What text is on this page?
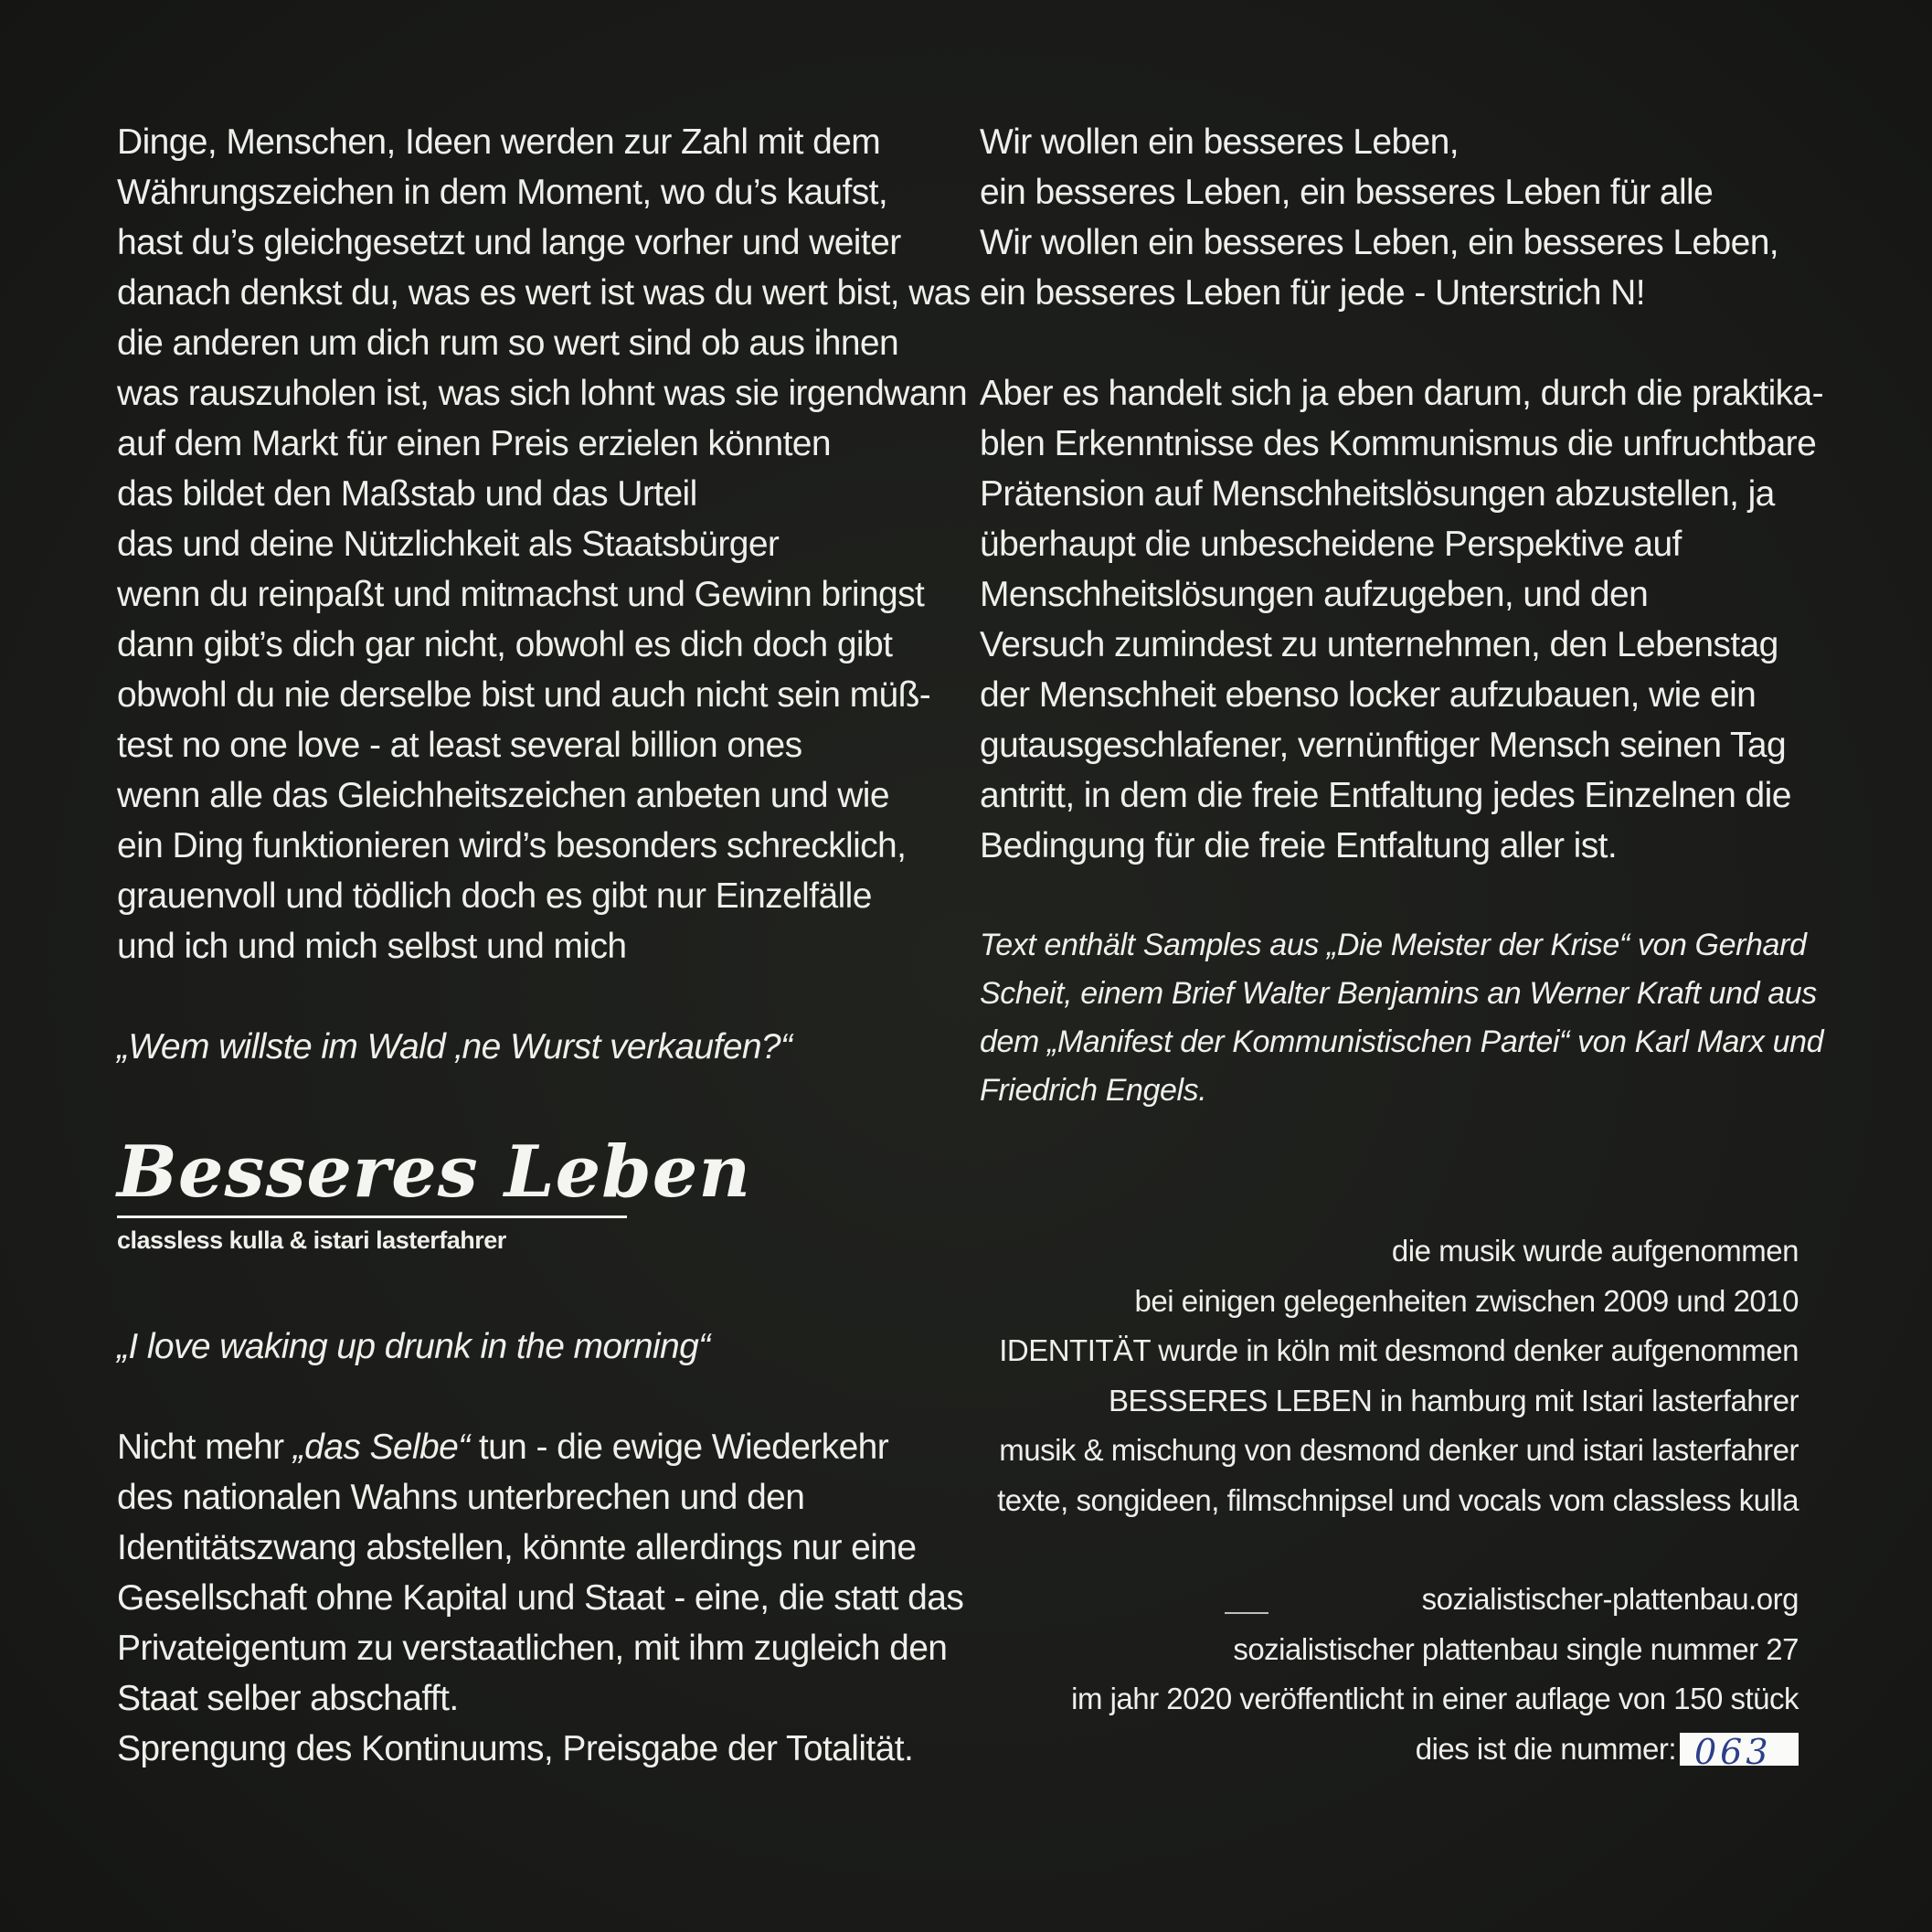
Dinge, Menschen, Ideen werden zur Zahl mit dem
Währungszeichen in dem Moment, wo du’s kaufst,
hast du’s gleichgesetzt und lange vorher und weiter
danach denkst du, was es wert ist was du wert bist, was
die anderen um dich rum so wert sind ob aus ihnen
was rauszuholen ist, was sich lohnt was sie irgendwann
auf dem Markt für einen Preis erzielen könnten
das bildet den Maßstab und das Urteil
das und deine Nützlichkeit als Staatsbürger
wenn du reinpaßt und mitmachst und Gewinn bringst
dann gibt’s dich gar nicht, obwohl es dich doch gibt
obwohl du nie derselbe bist und auch nicht sein müß-
test no one love - at least several billion ones
wenn alle das Gleichheitszeichen anbeten und wie
ein Ding funktionieren wird’s besonders schrecklich,
grauenvoll und tödlich doch es gibt nur Einzelfälle
und ich und mich selbst und mich
„Wem willste im Wald ‚ne Wurst verkaufen?“
Besseres Leben
classless kulla & istari lasterfahrer
„I love waking up drunk in the morning“
Nicht mehr „das Selbe“ tun - die ewige Wiederkehr
des nationalen Wahns unterbrechen und den
Identitätszwang abstellen, könnte allerdings nur eine
Gesellschaft ohne Kapital und Staat - eine, die statt das
Privateigentum zu verstaatlichen, mit ihm zugleich den
Staat selber abschafft.
Sprengung des Kontinuums, Preisgabe der Totalität.
Wir wollen ein besseres Leben,
ein besseres Leben, ein besseres Leben für alle
Wir wollen ein besseres Leben, ein besseres Leben,
ein besseres Leben für jede - Unterstrich N!
Aber es handelt sich ja eben darum, durch die praktika-
blen Erkenntnisse des Kommunismus die unfruchtbare
Prätension auf Menschheitslösungen abzustellen, ja
überhaupt die unbescheidene Perspektive auf
Menschheitslösungen aufzugeben, und den
Versuch zumindest zu unternehmen, den Lebenstag
der Menschheit ebenso locker aufzubauen, wie ein
gutausgeschlafener, vernünftiger Mensch seinen Tag
antritt, in dem die freie Entfaltung jedes Einzelnen die
Bedingung für die freie Entfaltung aller ist.
Text enthält Samples aus „Die Meister der Krise“ von Gerhard
Scheit, einem Brief Walter Benjamins an Werner Kraft und aus
dem „Manifest der Kommunistischen Partei“ von Karl Marx und
Friedrich Engels.
die musik wurde aufgenommen
bei einigen gelegenheiten zwischen 2009 und 2010
IDENTITÄT wurde in köln mit desmond denker aufgenommen
BESSERES LEBEN in hamburg mit Istari lasterfahrer
musik & mischung von desmond denker und istari lasterfahrer
texte, songideen, filmschnipsel und vocals vom classless kulla
sozialistischer-plattenbau.org
sozialistischer plattenbau single nummer 27
im jahr 2020 veröffentlicht in einer auflage von 150 stück
dies ist die nummer: 063
